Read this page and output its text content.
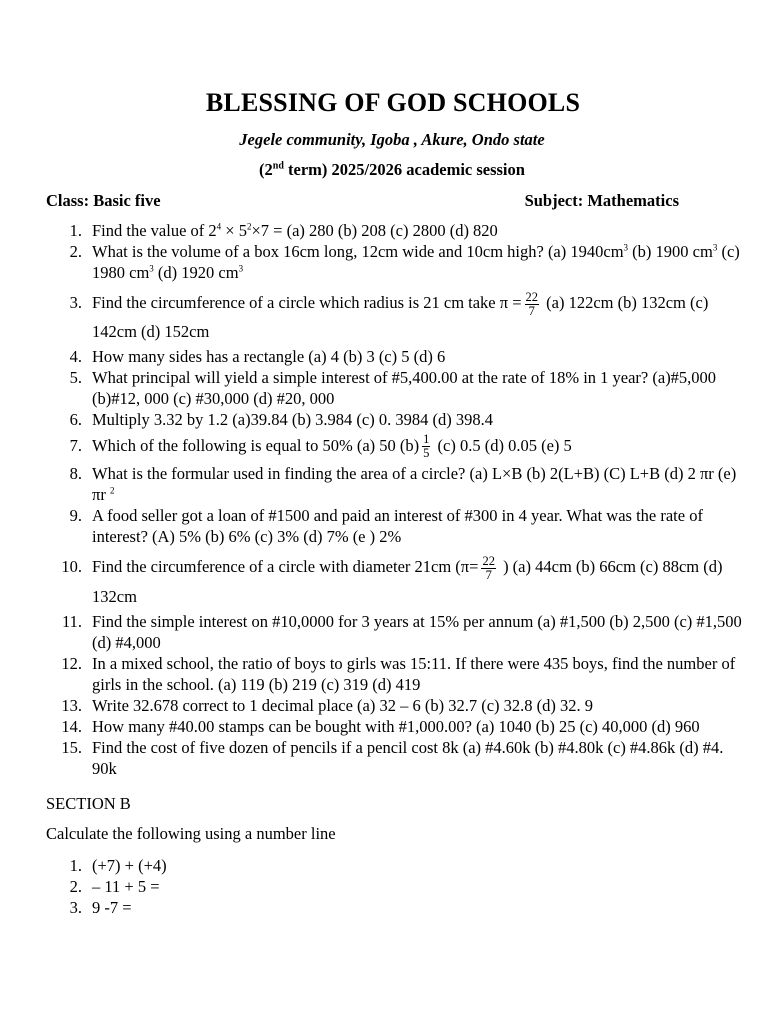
BLESSING OF GOD SCHOOLS
Jegele community, Igoba , Akure, Ondo state
(2nd term) 2025/2026 academic session
Class: Basic five	Subject: Mathematics
1. Find the value of $2^4 \times 5^2\times 7 = (a)$ 280 (b) 208 (c) 2800 (d) 820
2. What is the volume of a box 16cm long, 12cm wide and 10cm high? (a) $1940cm^3$ (b) 1900 $cm^3$ (c) 1980 $cm^3$ (d) 1920 $cm^3$
3. Find the circumference of a circle which radius is 21 cm take $\pi = \frac{22}{7} (a)$ 122cm (b) 132cm (c) 142cm (d) 152cm
4. How many sides has a rectangle (a) 4 (b) 3 (c) 5 (d) 6
5. What principal will yield a simple interest of #5,400.00 at the rate of 18% in 1 year? (a)#5,000 (b)#12, 000 (c) #30,000 (d) #20, 000
6. Multiply 3.32 by 1.2 (a)39.84 (b) 3.984 (c) 0. 3984 (d) 398.4
7. Which of the following is equal to 50% (a) 50 $(b) \frac{1}{5} (c)$ 0.5 (d) 0.05 (e) 5
8. What is the formular used in finding the area of a circle? (a) L×B (b) 2(L+B) (C) L+B (d) 2 πr (e) πr $^2$
9. A food seller got a loan of #1500 and paid an interest of #300 in 4 year. What was the rate of interest? (A) 5% (b) 6% (c) 3% (d) 7% (e ) 2%
10. Find the circumference of a circle with diameter 21cm ($\pi= \frac{22}{7}$ ) (a) 44cm (b) 66cm (c) 88cm (d) 132cm
11. Find the simple interest on #10,0000 for 3 years at 15% per annum (a) #1,500 (b) 2,500 (c) #1,500 (d) #4,000
12. In a mixed school, the ratio of boys to girls was 15:11. If there were 435 boys, find the number of girls in the school. (a) 119 (b) 219 (c) 319 (d) 419
13. Write 32.678 correct to 1 decimal place (a) 32 – 6 (b) 32.7 (c) 32.8 (d) 32. 9
14. How many #40.00 stamps can be bought with #1,000.00? (a) 1040 (b) 25 (c) 40,000 (d) 960
15. Find the cost of five dozen of pencils if a pencil cost 8k (a) #4.60k (b) #4.80k (c) #4.86k (d) #4. 90k
SECTION B
Calculate the following using a number line
1. (+7) + (+4)
2. – 11 + 5 =
3. 9 -7 =
